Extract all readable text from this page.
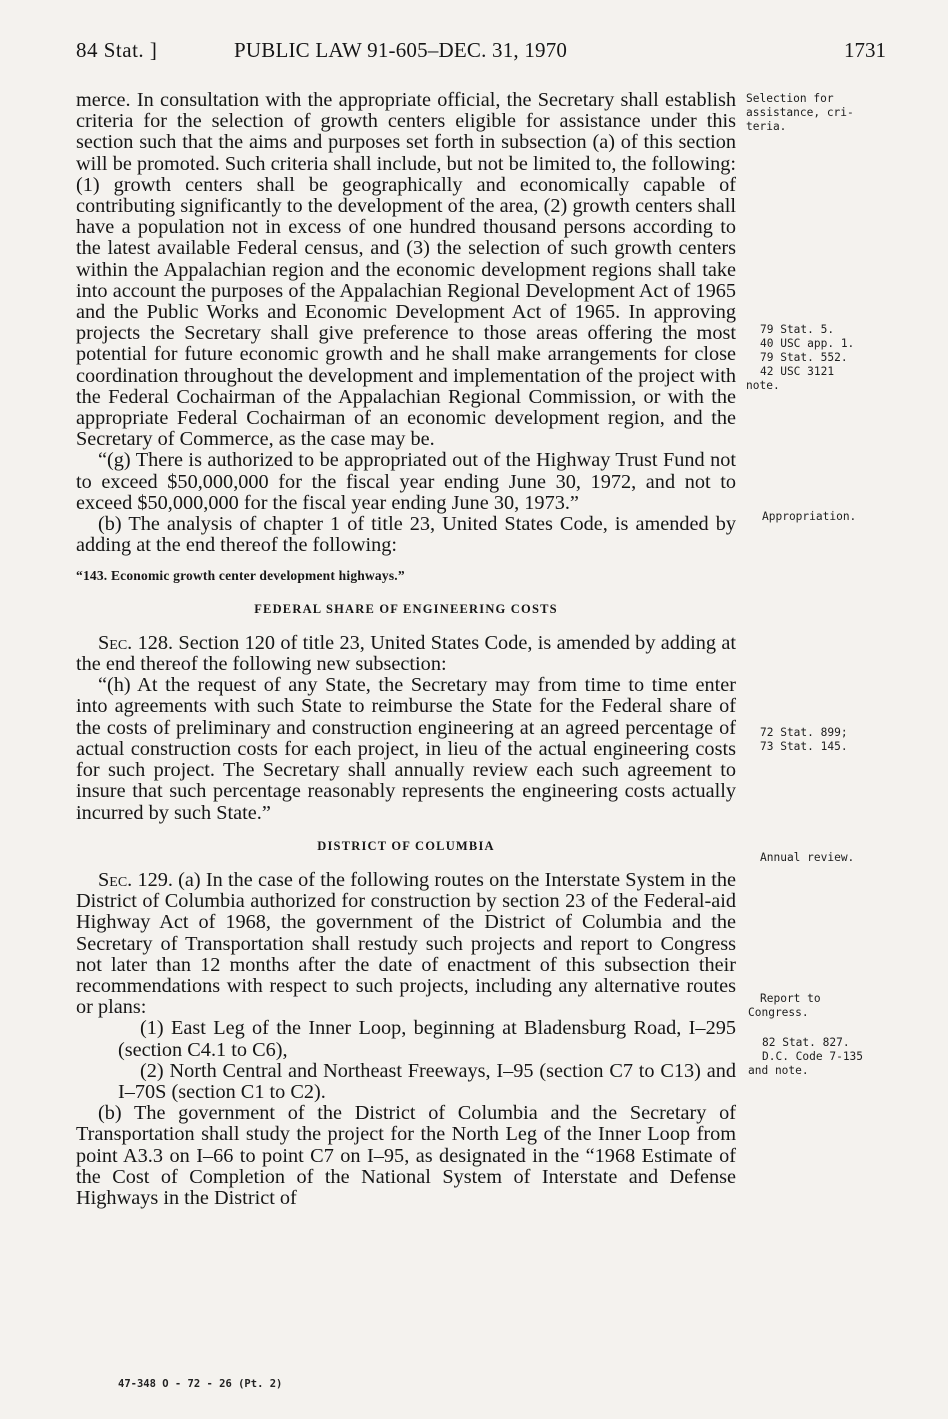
84 Stat. ]	PUBLIC LAW 91-605–DEC. 31, 1970	1731

merce. In consultation with the appropriate official, the Secretary shall establish criteria for the selection of growth centers eligible for assistance under this section such that the aims and purposes set forth in subsection (a) of this section will be promoted. Such criteria shall include, but not be limited to, the following: (1) growth centers shall be geographically and economically capable of contributing significantly to the development of the area, (2) growth centers shall have a population not in excess of one hundred thousand persons according to the latest available Federal census, and (3) the selection of such growth centers within the Appalachian region and the economic development regions shall take into account the purposes of the Appalachian Regional Development Act of 1965 and the Public Works and Economic Development Act of 1965. In approving projects the Secretary shall give preference to those areas offering the most potential for future economic growth and he shall make arrangements for close coordination throughout the development and implementation of the project with the Federal Cochairman of the Appalachian Regional Commission, or with the appropriate Federal Cochairman of an economic development region, and the Secretary of Commerce, as the case may be.

“(g) There is authorized to be appropriated out of the Highway Trust Fund not to exceed $50,000,000 for the fiscal year ending June 30, 1972, and not to exceed $50,000,000 for the fiscal year ending June 30, 1973.”

(b) The analysis of chapter 1 of title 23, United States Code, is amended by adding at the end thereof the following:

“143. Economic growth center development highways.”

FEDERAL SHARE OF ENGINEERING COSTS

Sec. 128. Section 120 of title 23, United States Code, is amended by adding at the end thereof the following new subsection:

“(h) At the request of any State, the Secretary may from time to time enter into agreements with such State to reimburse the State for the Federal share of the costs of preliminary and construction engineering at an agreed percentage of actual construction costs for each project, in lieu of the actual engineering costs for such project. The Secretary shall annually review each such agreement to insure that such percentage reasonably represents the engineering costs actually incurred by such State.”

DISTRICT OF COLUMBIA

Sec. 129. (a) In the case of the following routes on the Interstate System in the District of Columbia authorized for construction by section 23 of the Federal-aid Highway Act of 1968, the government of the District of Columbia and the Secretary of Transportation shall restudy such projects and report to Congress not later than 12 months after the date of enactment of this subsection their recommendations with respect to such projects, including any alternative routes or plans:

(1) East Leg of the Inner Loop, beginning at Bladensburg Road, I–295 (section C4.1 to C6),

(2) North Central and Northeast Freeways, I–95 (section C7 to C13) and I–70S (section C1 to C2).

(b) The government of the District of Columbia and the Secretary of Transportation shall study the project for the North Leg of the Inner Loop from point A3.3 on I–66 to point C7 on I–95, as designated in the “1968 Estimate of the Cost of Completion of the National System of Interstate and Defense Highways in the District of

Selection for
assistance, cri-
teria.
79 Stat. 5.
40 USC app. 1.
79 Stat. 552.
42 USC 3121
note.
Appropriation.
72 Stat. 899;
73 Stat. 145.
Annual review.
Report to
Congress.
82 Stat. 827.
D.C. Code 7-135
and note.
47-348 O - 72 - 26 (Pt. 2)
